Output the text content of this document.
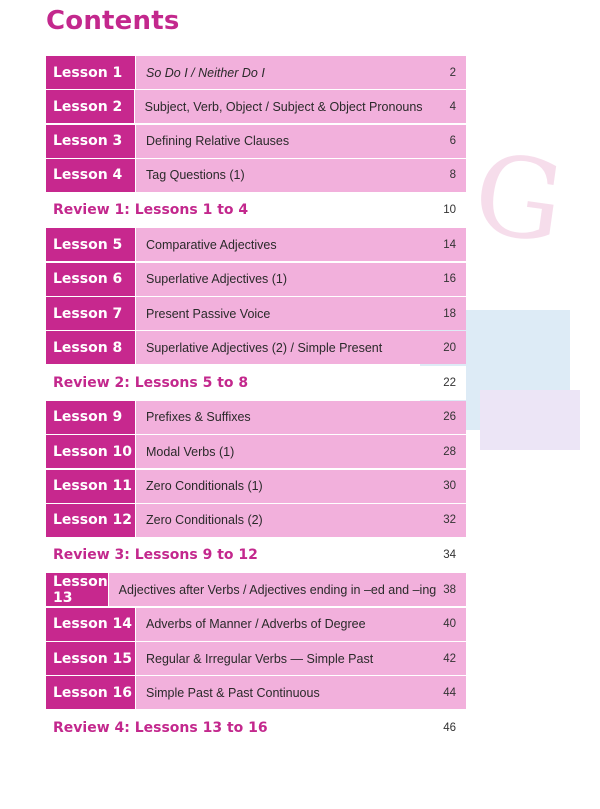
G
Contents
Lesson 1	So Do I / Neither Do I	2
Lesson 2	Subject, Verb, Object / Subject & Object Pronouns	4
Lesson 3	Defining Relative Clauses	6
Lesson 4	Tag Questions (1)	8
Review 1: Lessons 1 to 4	10
Lesson 5	Comparative Adjectives	14
Lesson 6	Superlative Adjectives (1)	16
Lesson 7	Present Passive Voice	18
Lesson 8	Superlative Adjectives (2) / Simple Present	20
Review 2: Lessons 5 to 8	22
Lesson 9	Prefixes & Suffixes	26
Lesson 10	Modal Verbs (1)	28
Lesson 11	Zero Conditionals (1)	30
Lesson 12	Zero Conditionals (2)	32
Review 3: Lessons 9 to 12	34
Lesson 13	Adjectives after Verbs / Adjectives ending in –ed and –ing 38
Lesson 14	Adverbs of Manner / Adverbs of Degree	40
Lesson 15	Regular & Irregular Verbs — Simple Past	42
Lesson 16	Simple Past & Past Continuous	44
Review 4: Lessons 13 to 16	46
